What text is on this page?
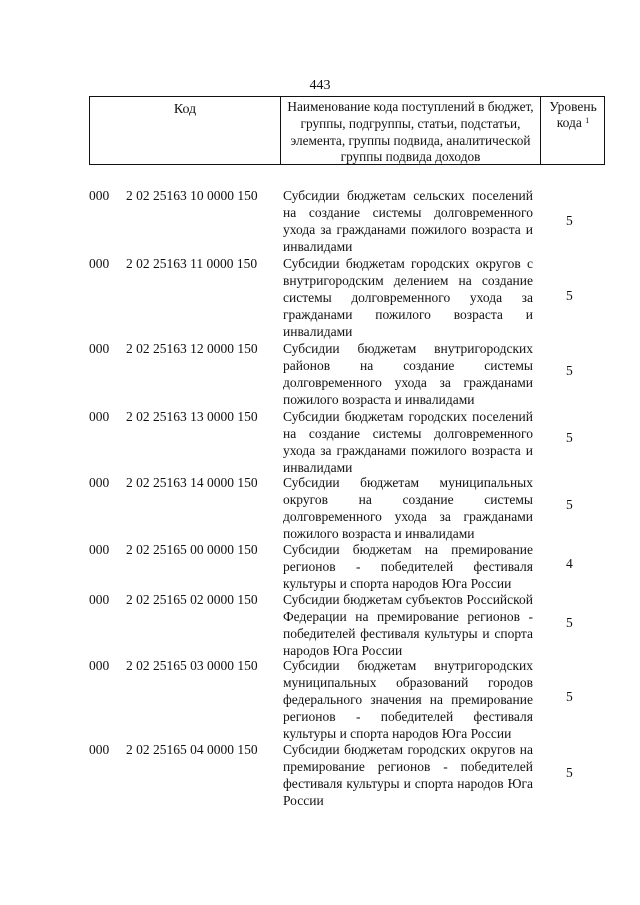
443
Код	Наименование кода поступлений в бюджет, группы, подгруппы, статьи, подстатьи, элемента, группы подвида, аналитической группы подвида доходов
Уровень кода $^1$
000 2 02 25163 10 0000 150 Субсидии бюджетам сельских поселений на создание системы долговременного ухода за гражданами пожилого возраста и инвалидами
5
000 2 02 25163 11 0000 150 Субсидии бюджетам городских округов с внутригородским делением на создание системы долговременного ухода за гражданами пожилого возраста и инвалидами
5
000 2 02 25163 12 0000 150 Субсидии бюджетам внутригородских районов на создание системы долговременного ухода за гражданами пожилого возраста и инвалидами
5
000 2 02 25163 13 0000 150 Субсидии бюджетам городских поселений на создание системы долговременного ухода за гражданами пожилого возраста и инвалидами
5
000 2 02 25163 14 0000 150 Субсидии бюджетам муниципальных округов на создание системы долговременного ухода за гражданами пожилого возраста и инвалидами
5
000 2 02 25165 00 0000 150 Субсидии бюджетам на премирование регионов - победителей фестиваля культуры и спорта народов Юга России
4
000 2 02 25165 02 0000 150 Субсидии бюджетам субъектов Российской Федерации на премирование регионов - победителей фестиваля культуры и спорта народов Юга России
5
000 2 02 25165 03 0000 150 Субсидии бюджетам внутригородских муниципальных образований городов федерального значения на премирование регионов - победителей фестиваля культуры и спорта народов Юга России
5
000 2 02 25165 04 0000 150 Субсидии бюджетам городских округов на премирование регионов - победителей фестиваля культуры и спорта народов Юга России
5
